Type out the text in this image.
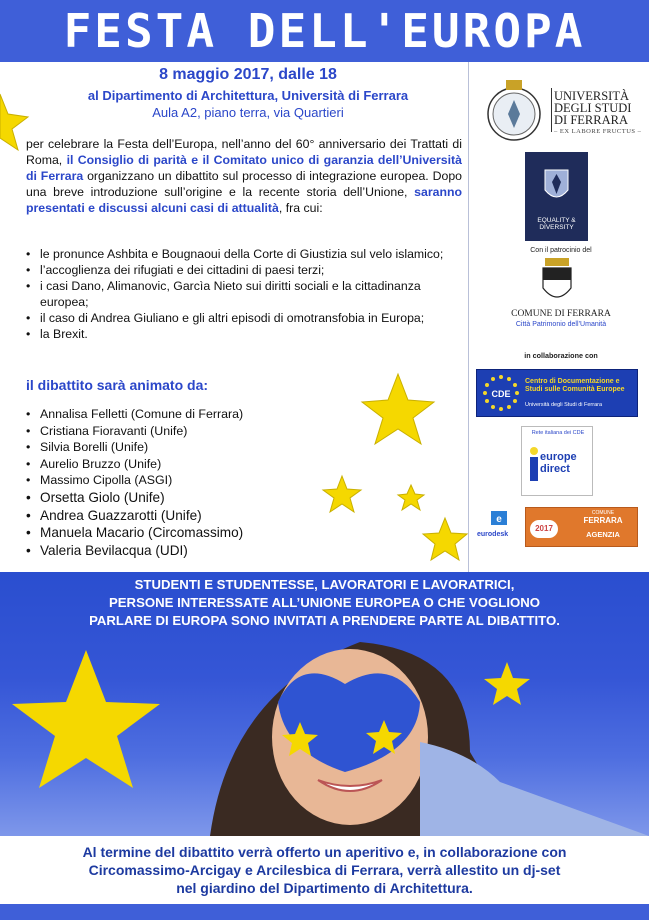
FESTA DELL'EUROPA
8 maggio 2017, dalle 18
al Dipartimento di Architettura, Università di Ferrara
Aula A2, piano terra, via Quartieri
per celebrare la Festa dell’Europa, nell’anno del 60° anniversario dei Trattati di Roma, il Consiglio di parità e il Comitato unico di garanzia dell’Università di Ferrara organizzano un dibattito sul processo di integrazione europea. Dopo una breve introduzione sull’origine e la recente storia dell’Unione, saranno presentati e discussi alcuni casi di attualità, fra cui:
• le pronunce Ashbita e Bougnaoui della Corte di Giustizia sul velo islamico;
• l’accoglienza dei rifugiati e dei cittadini di paesi terzi;
• i casi Dano, Alimanovic, Garcìa Nieto sui diritti sociali e la cittadinanza europea;
• il caso di Andrea Giuliano e gli altri episodi di omotransfobia in Europa;
• la Brexit.
il dibattito sarà animato da:
• Annalisa Felletti (Comune di Ferrara)
• Cristiana Fioravanti (Unife)
• Silvia Borelli (Unife)
• Aurelio Bruzzo (Unife)
• Massimo Cipolla (ASGI)
• Orsetta Giolo (Unife)
• Andrea Guazzarotti (Unife)
• Manuela Macario (Circomassimo)
• Valeria Bevilacqua (UDI)
UNIVERSITÀ DEGLI STUDI DI FERRARA
– EX LABORE FRUCTUS –
EQUALITY & DIVERSITY
Con il patrocinio del
COMUNE DI FERRARA
Città Patrimonio dell’Umanità
in collaborazione con
CDE
Centro di Documentazione e Studi sulle Comunità Europee
Università degli Studi di Ferrara
Rete italiana dei CDE
europe
direct
e
eurodesk
2017
COMUNE
FERRARA
AGENZIA
STUDENTI E STUDENTESSE, LAVORATORI E LAVORATRICI,
PERSONE INTERESSATE ALL’UNIONE EUROPEA O CHE VOGLIONO
PARLARE DI EUROPA SONO INVITATI A PRENDERE PARTE AL DIBATTITO.
Al termine del dibattito verrà offerto un aperitivo e, in collaborazione con
Circomassimo-Arcigay e Arcilesbica di Ferrara, verrà allestito un dj-set
nel giardino del Dipartimento di Architettura.
